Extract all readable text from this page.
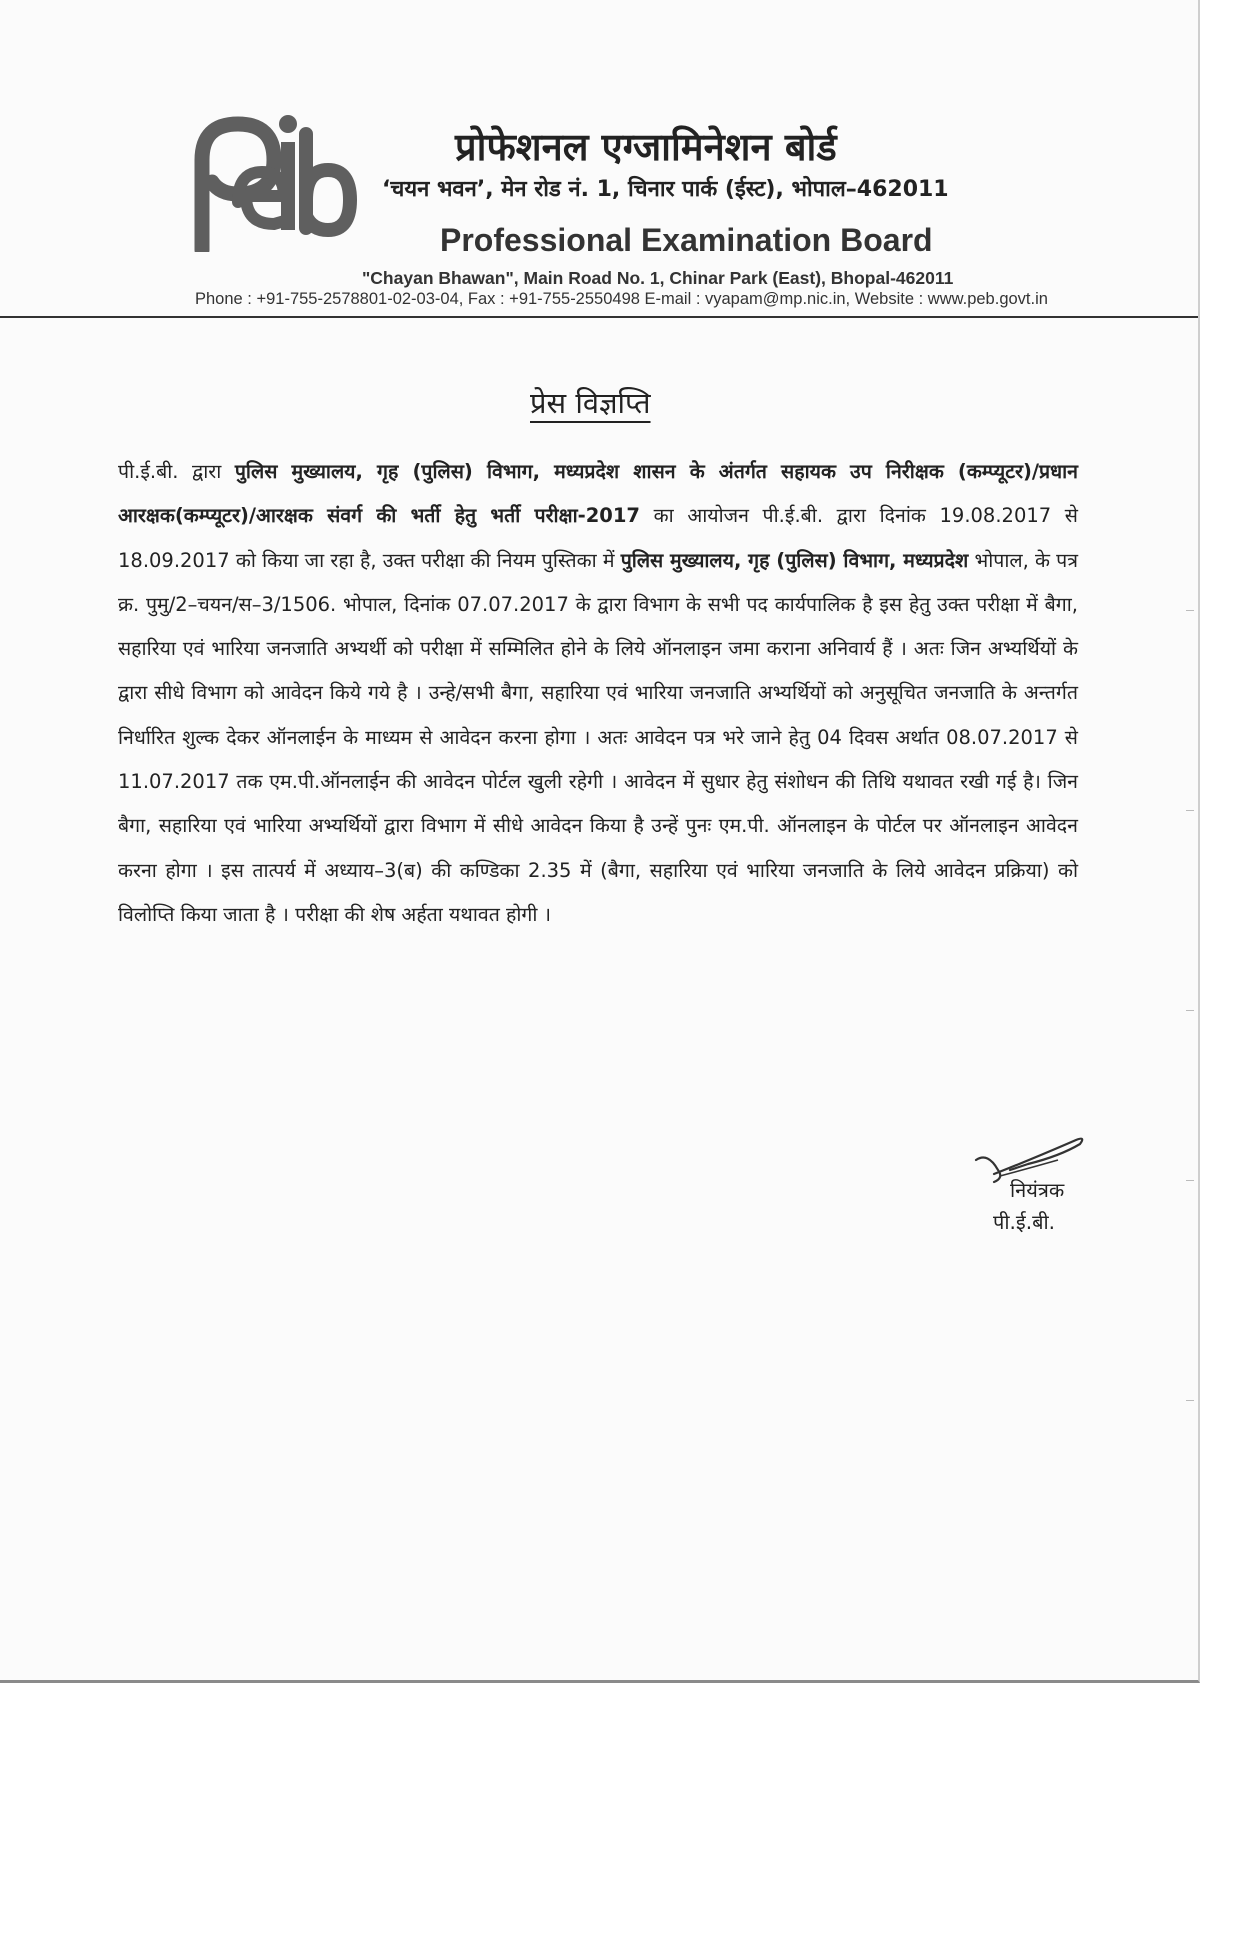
प्रोफेशनल एग्जामिनेशन बोर्ड
‘चयन भवन’, मेन रोड नं. 1, चिनार पार्क (ईस्ट), भोपाल–462011
Professional Examination Board
"Chayan Bhawan", Main Road No. 1, Chinar Park (East), Bhopal-462011
Phone : +91-755-2578801-02-03-04, Fax : +91-755-2550498 E-mail : vyapam@mp.nic.in, Website : www.peb.govt.in
प्रेस विज्ञप्ति
पी.ई.बी. द्वारा पुलिस मुख्यालय, गृह (पुलिस) विभाग, मध्यप्रदेश शासन के अंतर्गत सहायक उप निरीक्षक (कम्प्यूटर)/प्रधान आरक्षक(कम्प्यूटर)/आरक्षक संवर्ग की भर्ती हेतु भर्ती परीक्षा-2017 का आयोजन पी.ई.बी. द्वारा दिनांक 19.08.2017 से 18.09.2017 को किया जा रहा है, उक्त परीक्षा की नियम पुस्तिका में पुलिस मुख्यालय, गृह (पुलिस) विभाग, मध्यप्रदेश भोपाल, के पत्र क्र. पुमु/2–चयन/स–3/1506. भोपाल, दिनांक 07.07.2017 के द्वारा विभाग के सभी पद कार्यपालिक है इस हेतु उक्त परीक्षा में बैगा, सहारिया एवं भारिया जनजाति अभ्यर्थी को परीक्षा में सम्मिलित होने के लिये ऑनलाइन जमा कराना अनिवार्य हैं । अतः जिन अभ्यर्थियों के द्वारा सीधे विभाग को आवेदन किये गये है । उन्हे/सभी बैगा, सहारिया एवं भारिया जनजाति अभ्यर्थियों को अनुसूचित जनजाति के अन्तर्गत निर्धारित शुल्क देकर ऑनलाईन के माध्यम से आवेदन करना होगा । अतः आवेदन पत्र भरे जाने हेतु 04 दिवस अर्थात 08.07.2017 से 11.07.2017 तक एम.पी.ऑनलाईन की आवेदन पोर्टल खुली रहेगी । आवेदन में सुधार हेतु संशोधन की तिथि यथावत रखी गई है। जिन बैगा, सहारिया एवं भारिया अभ्यर्थियों द्वारा विभाग में सीधे आवेदन किया है उन्हें पुनः एम.पी. ऑनलाइन के पोर्टल पर ऑनलाइन आवेदन करना होगा । इस तात्पर्य में अध्याय–3(ब) की कण्डिका 2.35 में (बैगा, सहारिया एवं भारिया जनजाति के लिये आवेदन प्रक्रिया) को विलोप्ति किया जाता है । परीक्षा की शेष अर्हता यथावत होगी ।
नियंत्रक
पी.ई.बी.
